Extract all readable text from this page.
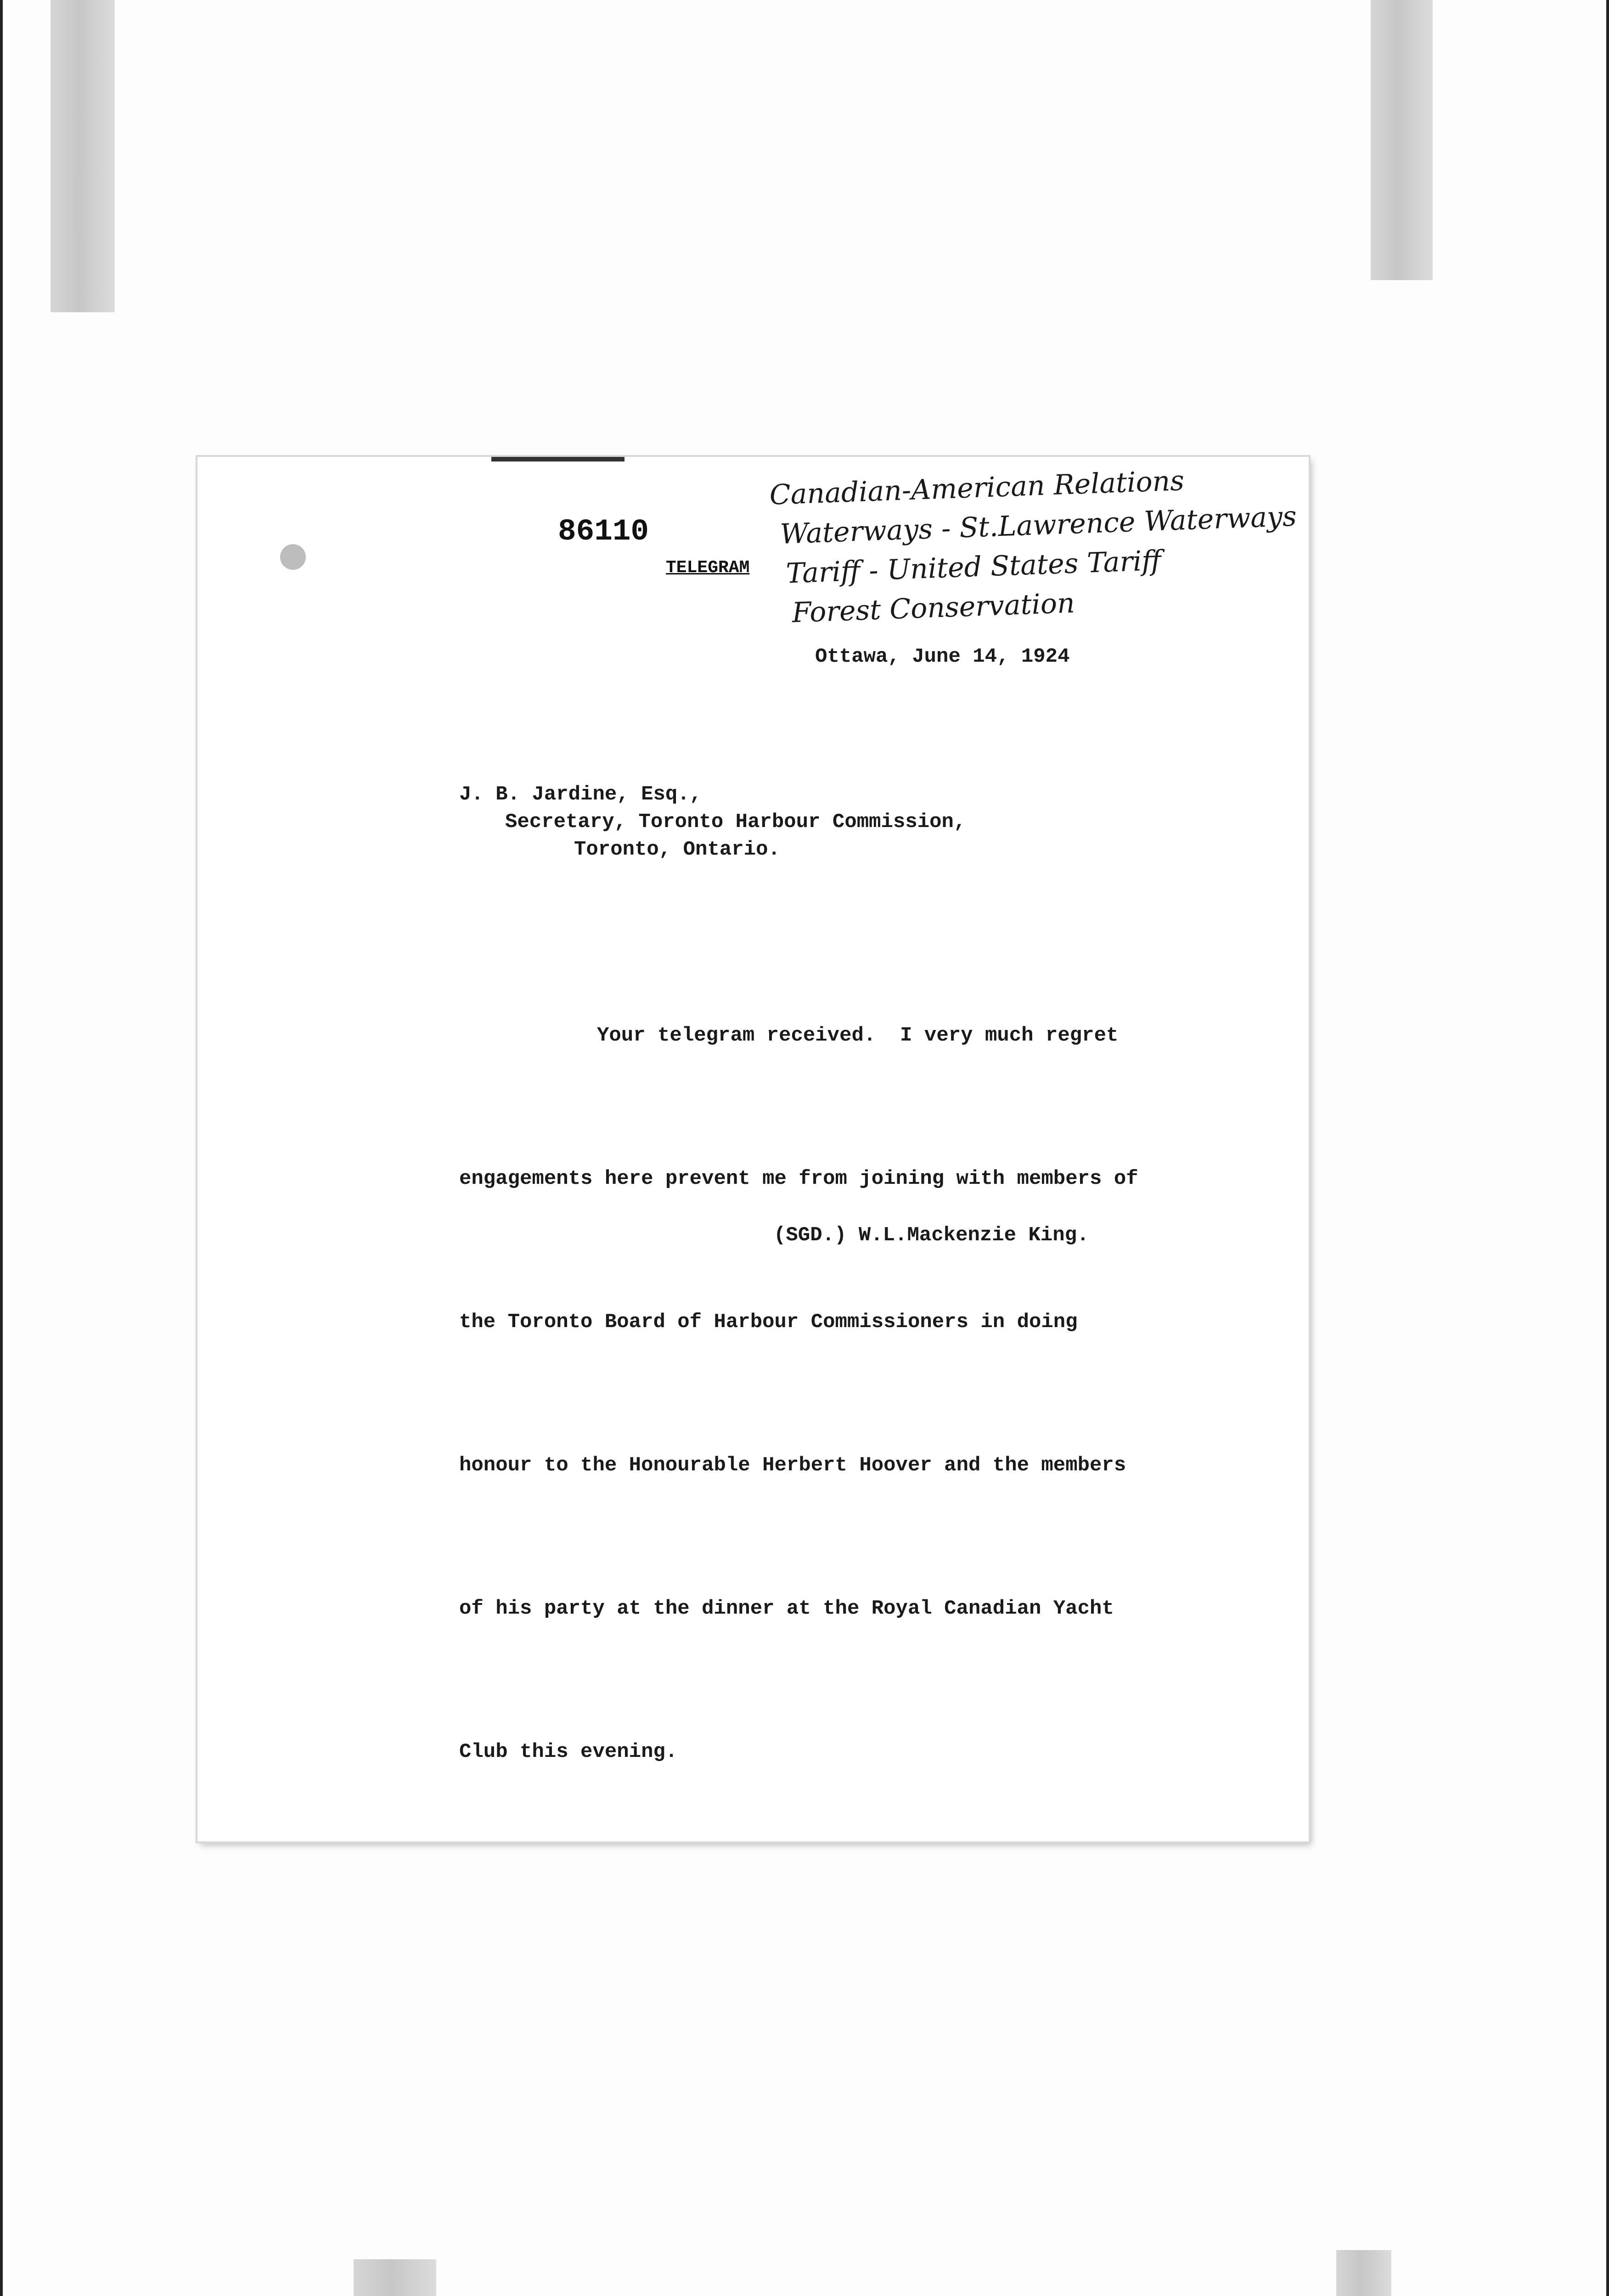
86110
TELEGRAM
Canadian-American Relations
Waterways - St.Lawrence Waterways
Tariff - United States Tariff
Forest Conservation
Ottawa, June 14, 1924
J. B. Jardine, Esq.,
Secretary, Toronto Harbour Commission,
Toronto, Ontario.

Your telegram received.  I very much regret

engagements here prevent me from joining with members of

the Toronto Board of Harbour Commissioners in doing

honour to the Honourable Herbert Hoover and the members

of his party at the dinner at the Royal Canadian Yacht

Club this evening.

(SGD.) W.L.Mackenzie King.
